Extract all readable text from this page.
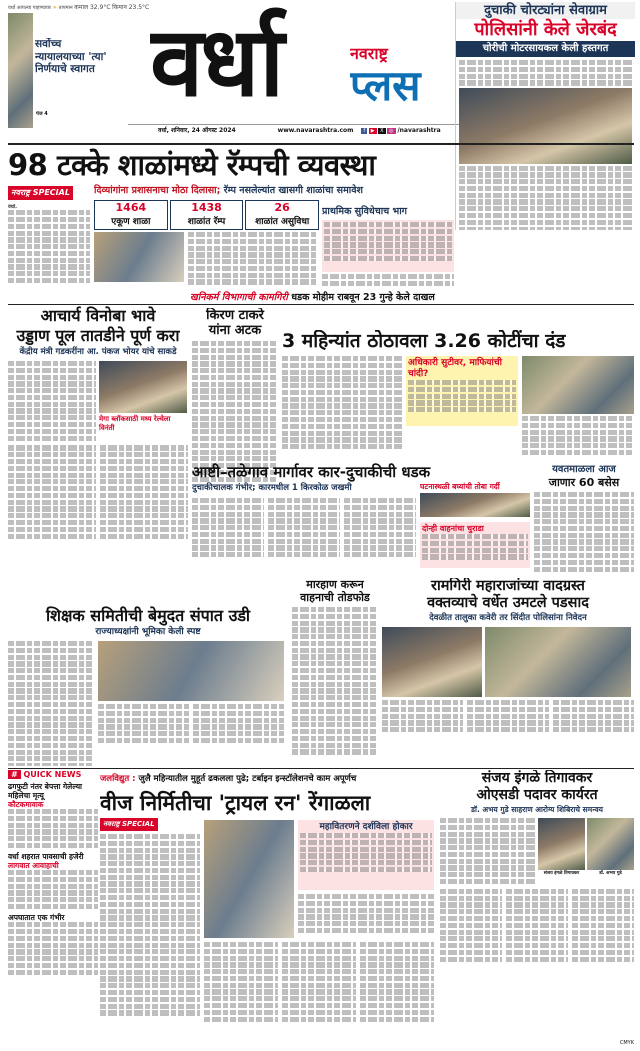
वर्धा आपल्या पाहण्यावर ☀ तापमान कमाल 32.9°C किमान 23.5°C
सर्वोच्च न्यायालयाच्या 'त्या' निर्णयाचे स्वागत
पेज 4 वर्धा	नवराष्ट्र
प्लस
वर्धा, शनिवार, 24 ऑगस्ट 2024	www.navarashtra.com f ▶ X ◎ /navarashtra
दुचाकी चोरट्यांना सेवाग्राम
पोलिसांनी केले जेरबंद
चोरीची मोटरसायकल केली हस्तगत
98 टक्के शाळांमध्ये रॅम्पची व्यवस्था
नवराष्ट्र SPECIAL	दिव्यांगांना प्रशासनाचा मोठा दिलासा; रॅम्प नसलेल्यांत खासगी शाळांचा समावेश
1464
एकूण शाळा
1438
शाळांत रॅम्प
26
शाळांत असुविधा
प्राथमिक सुविधेचाच भाग
वर्धा.
खनिकर्म विभागाची कामगिरी धडक मोहीम राबवून 23 गुन्हे केले दाखल
आचार्य विनोबा भावे
उड्डाण पूल तातडीने पूर्ण करा
केंद्रीय मंत्री गडकरींना आ. पंकज भोयर यांचे साकडे
मेगा ब्लॉकसाठी मध्य रेल्वेला विनंती
किरण टाकरे
यांना अटक	3 महिन्यांत ठोठावला 3.26 कोटींचा दंड
अधिकारी सुटीवर, माफियांची चांदी?
आष्टी–तळेगाव मार्गावर कार-दुचाकीची धडक
दुचाकीचालक गंभीर; कारमधील 1 किरकोळ जखमी	घटनास्थळी बघ्यांची तोबा गर्दी
दोन्ही वाहनांचा चुराडा
यवतमाळला आज
जाणार 60 बसेस
शिक्षक समितीची बेमुदत संपात उडी
राज्याध्यक्षांनी भूमिका केली स्पष्ट
मारहाण करून
वाहनाची तोडफोड
रामगिरी महाराजांच्या वादग्रस्त
वक्तव्याचे वर्धेत उमटले पडसाद
देवळीत तालुका कवेरी तर सिंदीत पोलिसांना निवेदन
# QUICK NEWS
ढगफुटी नंतर बेपत्ता गेलेल्या महिलेचा मृत्यू
कौटकमावाक
वर्धा शहरात पावसाची हजेरी
लागवात आवाहाची
अपघातात एक गंभीर
जलविद्युत : जुलै महिन्यातील मुहूर्त ढकलला पुढे; टर्बाइन इन्स्टॉलेशनचे काम अपूर्णच
वीज निर्मितीचा 'ट्रायल रन' रेंगाळला
नवराष्ट्र SPECIAL	महावितरणने दर्शविला होकार
संजय इंगळे तिगावकर
ओएसडी पदावर कार्यरत
डॉ. अभय गुडे साहराण आरोग्य शिबिराचे समन्वय
संजय इंगळे तिगावकर	डॉ. अभय गुडे
CMYK
